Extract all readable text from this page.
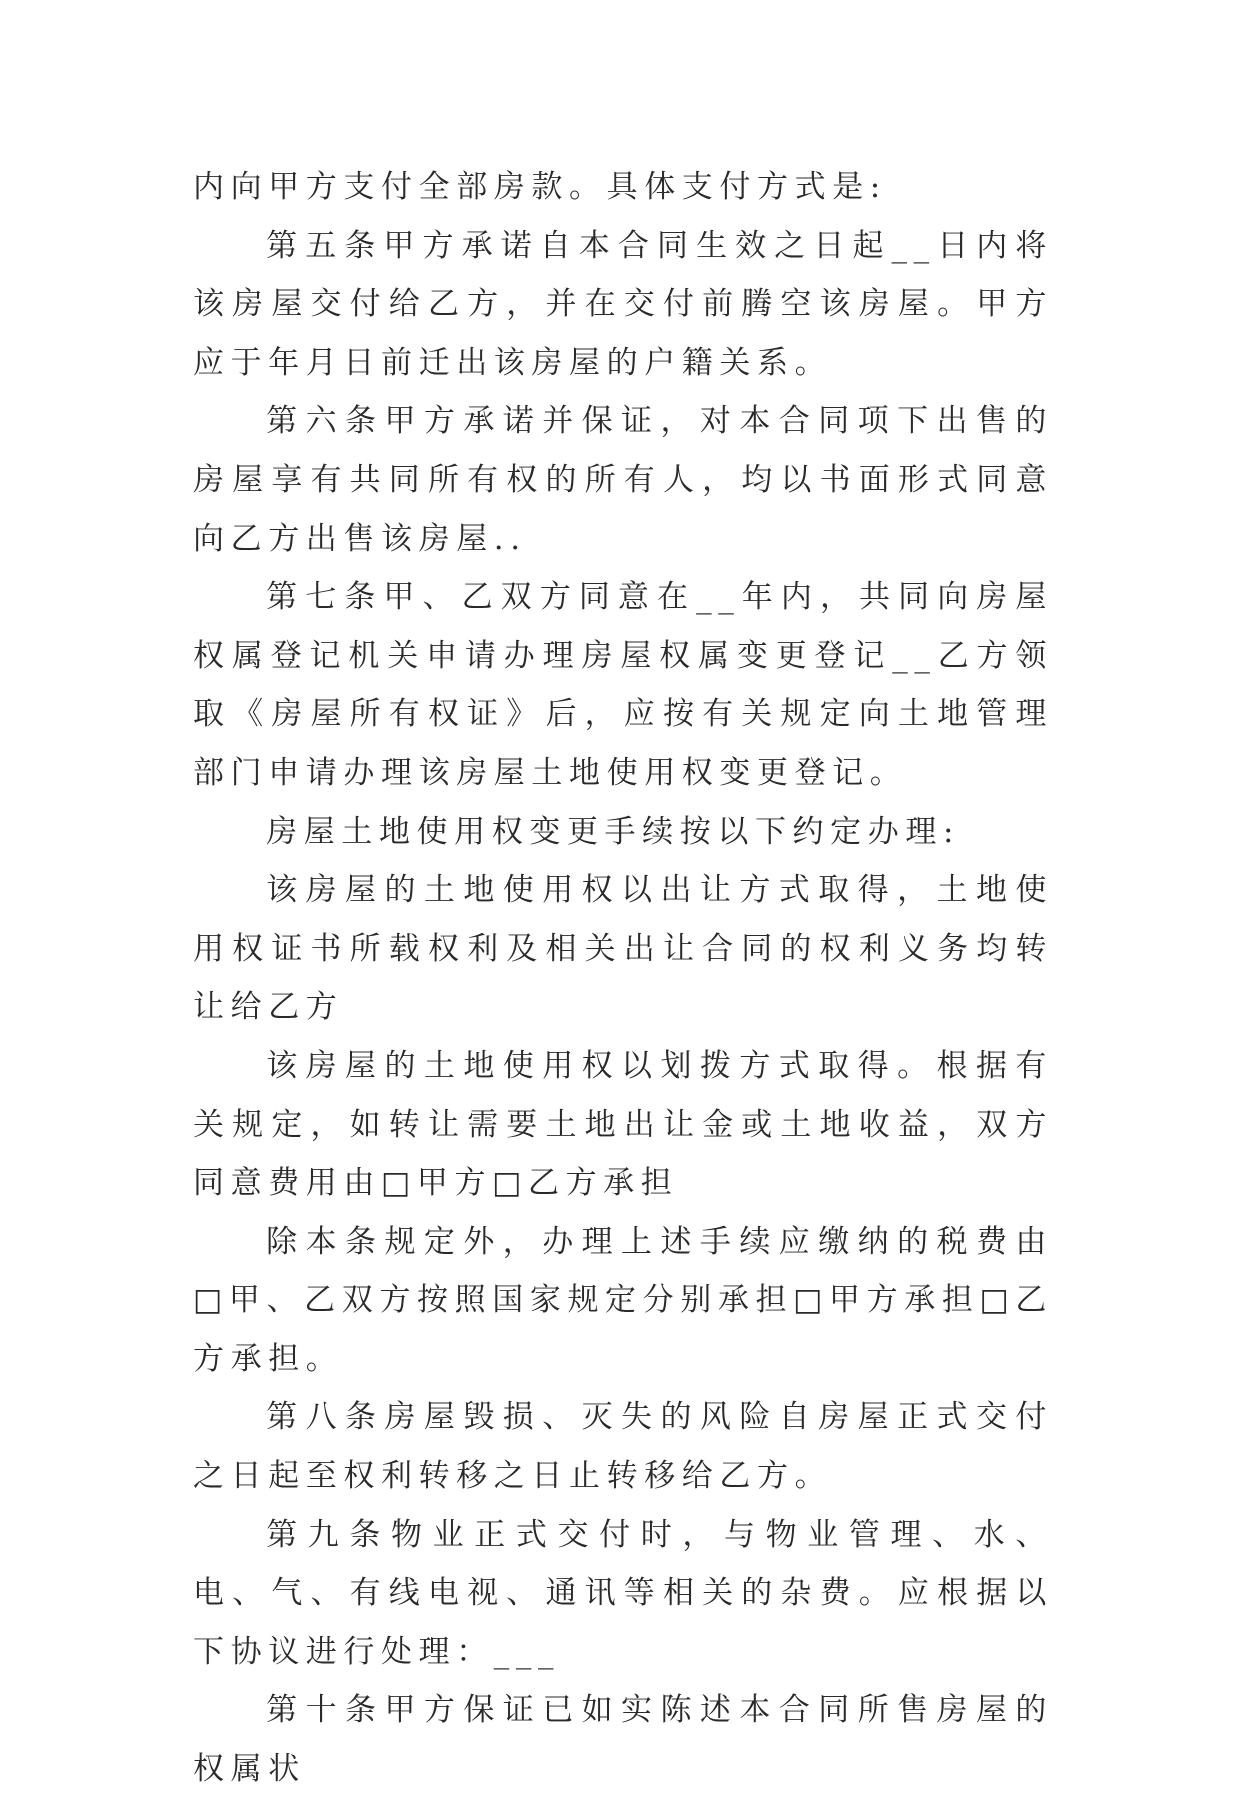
内向甲方支付全部房款。具体支付方式是:

第五条甲方承诺自本合同生效之日起__日内将该房屋交付给乙方，并在交付前腾空该房屋。甲方应于年月日前迁出该房屋的户籍关系。

第六条甲方承诺并保证，对本合同项下出售的房屋享有共同所有权的所有人，均以书面形式同意向乙方出售该房屋..

第七条甲、乙双方同意在__年内，共同向房屋权属登记机关申请办理房屋权属变更登记__乙方领取《房屋所有权证》后，应按有关规定向土地管理部门申请办理该房屋土地使用权变更登记。

房屋土地使用权变更手续按以下约定办理:

该房屋的土地使用权以出让方式取得，土地使用权证书所载权利及相关出让合同的权利义务均转让给乙方

该房屋的土地使用权以划拨方式取得。根据有关规定，如转让需要土地出让金或土地收益，双方同意费用由□甲方□乙方承担

除本条规定外，办理上述手续应缴纳的税费由□甲、乙双方按照国家规定分别承担□甲方承担□乙方承担。

第八条房屋毁损、灭失的风险自房屋正式交付之日起至权利转移之日止转移给乙方。

第九条物业正式交付时，与物业管理、水、电、气、有线电视、通讯等相关的杂费。应根据以下协议进行处理：___

第十条甲方保证已如实陈述本合同所售房屋的权属状
